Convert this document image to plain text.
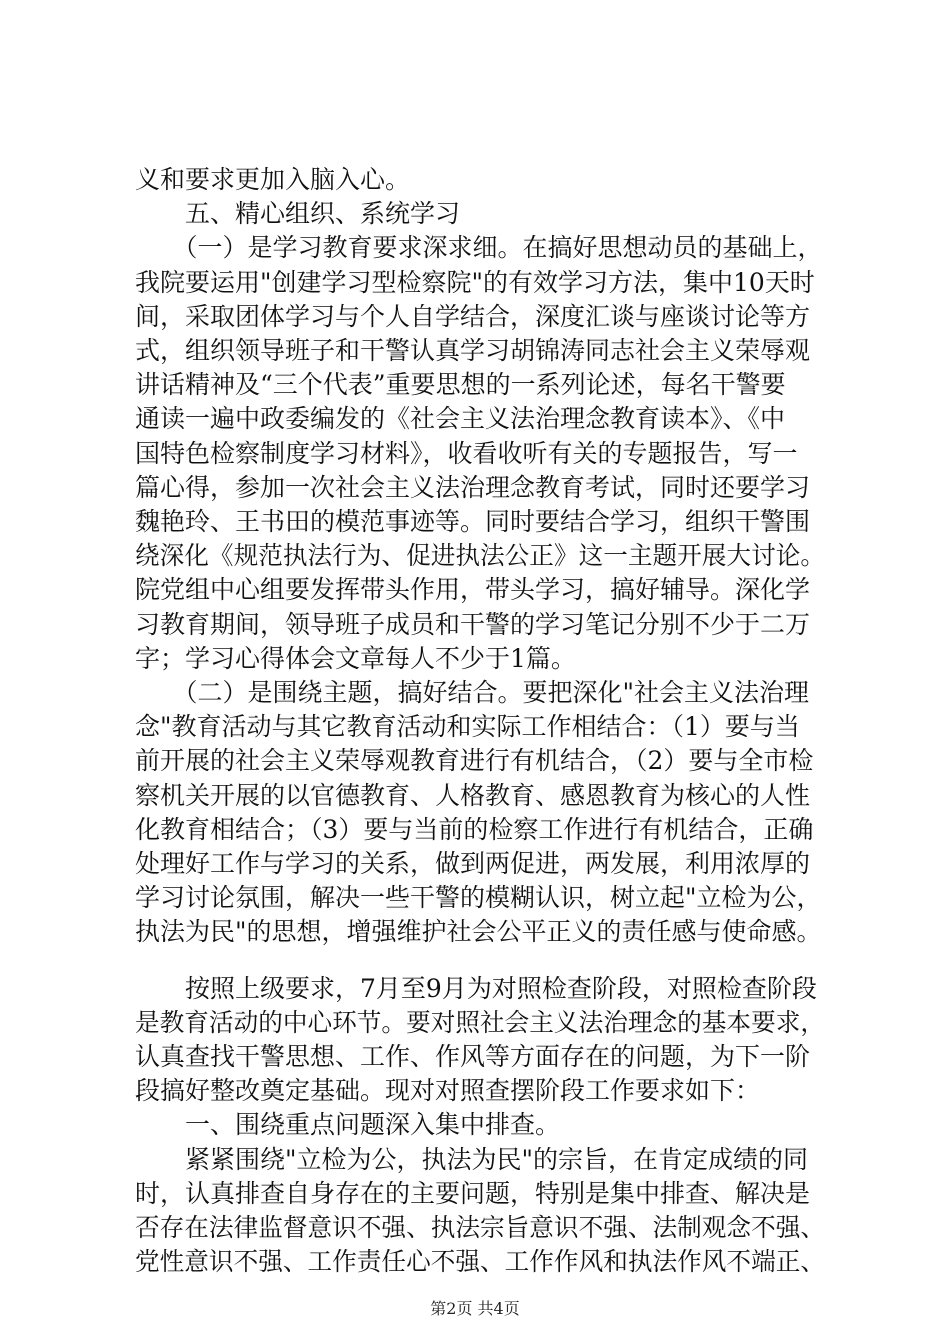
义和要求更加入脑入心。
　　五、精心组织、系统学习
　　（一）是学习教育要求深求细。在搞好思想动员的基础上，
我院要运用"创建学习型检察院"的有效学习方法，集中10天时
间，采取团体学习与个人自学结合，深度汇谈与座谈讨论等方
式，组织领导班子和干警认真学习胡锦涛同志社会主义荣辱观
讲话精神及“三个代表”重要思想的一系列论述，每名干警要
通读一遍中政委编发的《社会主义法治理念教育读本》、《中
国特色检察制度学习材料》，收看收听有关的专题报告，写一
篇心得，参加一次社会主义法治理念教育考试，同时还要学习
魏艳玲、王书田的模范事迹等。同时要结合学习，组织干警围
绕深化《规范执法行为、促进执法公正》这一主题开展大讨论。
院党组中心组要发挥带头作用，带头学习，搞好辅导。深化学
习教育期间，领导班子成员和干警的学习笔记分别不少于二万
字；学习心得体会文章每人不少于1篇。
　　（二）是围绕主题，搞好结合。要把深化"社会主义法治理
念"教育活动与其它教育活动和实际工作相结合：（1）要与当
前开展的社会主义荣辱观教育进行有机结合，（2）要与全市检
察机关开展的以官德教育、人格教育、感恩教育为核心的人性
化教育相结合；（3）要与当前的检察工作进行有机结合，正确
处理好工作与学习的关系，做到两促进，两发展，利用浓厚的
学习讨论氛围，解决一些干警的模糊认识，树立起"立检为公，
执法为民"的思想，增强维护社会公平正义的责任感与使命感。
　　按照上级要求，7月至9月为对照检查阶段，对照检查阶段
是教育活动的中心环节。要对照社会主义法治理念的基本要求，
认真查找干警思想、工作、作风等方面存在的问题，为下一阶
段搞好整改奠定基础。现对对照查摆阶段工作要求如下：
　　一、围绕重点问题深入集中排查。
　　紧紧围绕"立检为公，执法为民"的宗旨，在肯定成绩的同
时，认真排查自身存在的主要问题，特别是集中排查、解决是
否存在法律监督意识不强、执法宗旨意识不强、法制观念不强、
党性意识不强、工作责任心不强、工作作风和执法作风不端正、
第2页 共4页
